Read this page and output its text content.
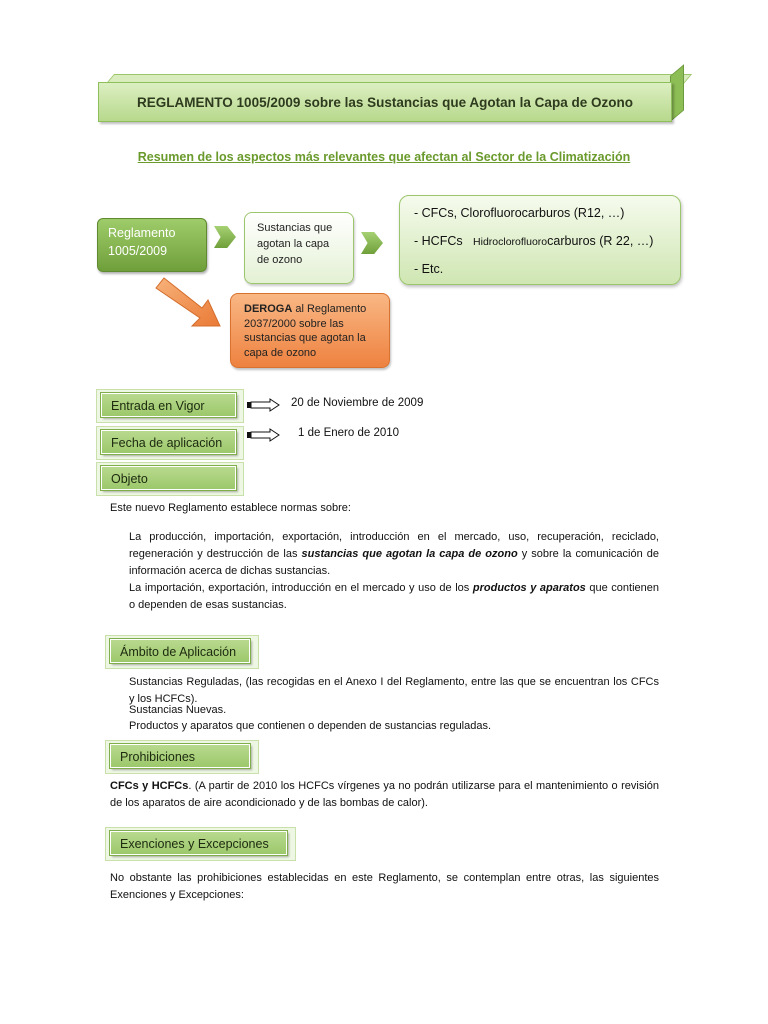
REGLAMENTO 1005/2009 sobre las Sustancias que Agotan la Capa de Ozono
Resumen de los aspectos más relevantes que afectan al Sector de la Climatización
Reglamento
1005/2009
Sustancias que
agotan la capa
de ozono
- CFCs, Clorofluorocarburos (R12, …)
- HCFCs Hidroclorofluorocarburos (R 22, …)
- Etc.
DEROGA al Reglamento 2037/2000 sobre las sustancias que agotan la capa de ozono
Entrada en Vigor	20 de Noviembre de 2009
Fecha de aplicación
1 de Enero de 2010
Objeto
Este nuevo Reglamento establece normas sobre:
La producción, importación, exportación, introducción en el mercado, uso, recuperación, reciclado, regeneración y destrucción de las sustancias que agotan la capa de ozono y sobre la comunicación de información acerca de dichas sustancias.
La importación, exportación, introducción en el mercado y uso de los productos y aparatos que contienen o dependen de esas sustancias.
Ámbito de Aplicación
Sustancias Reguladas, (las recogidas en el Anexo I del Reglamento, entre las que se encuentran los CFCs y los HCFCs).
Sustancias Nuevas.
Productos y aparatos que contienen o dependen de sustancias reguladas.
Prohibiciones
CFCs y HCFCs. (A partir de 2010 los HCFCs vírgenes ya no podrán utilizarse para el mantenimiento o revisión de los aparatos de aire acondicionado y de las bombas de calor).
Exenciones y Excepciones
No obstante las prohibiciones establecidas en este Reglamento, se contemplan entre otras, las siguientes Exenciones y Excepciones:
